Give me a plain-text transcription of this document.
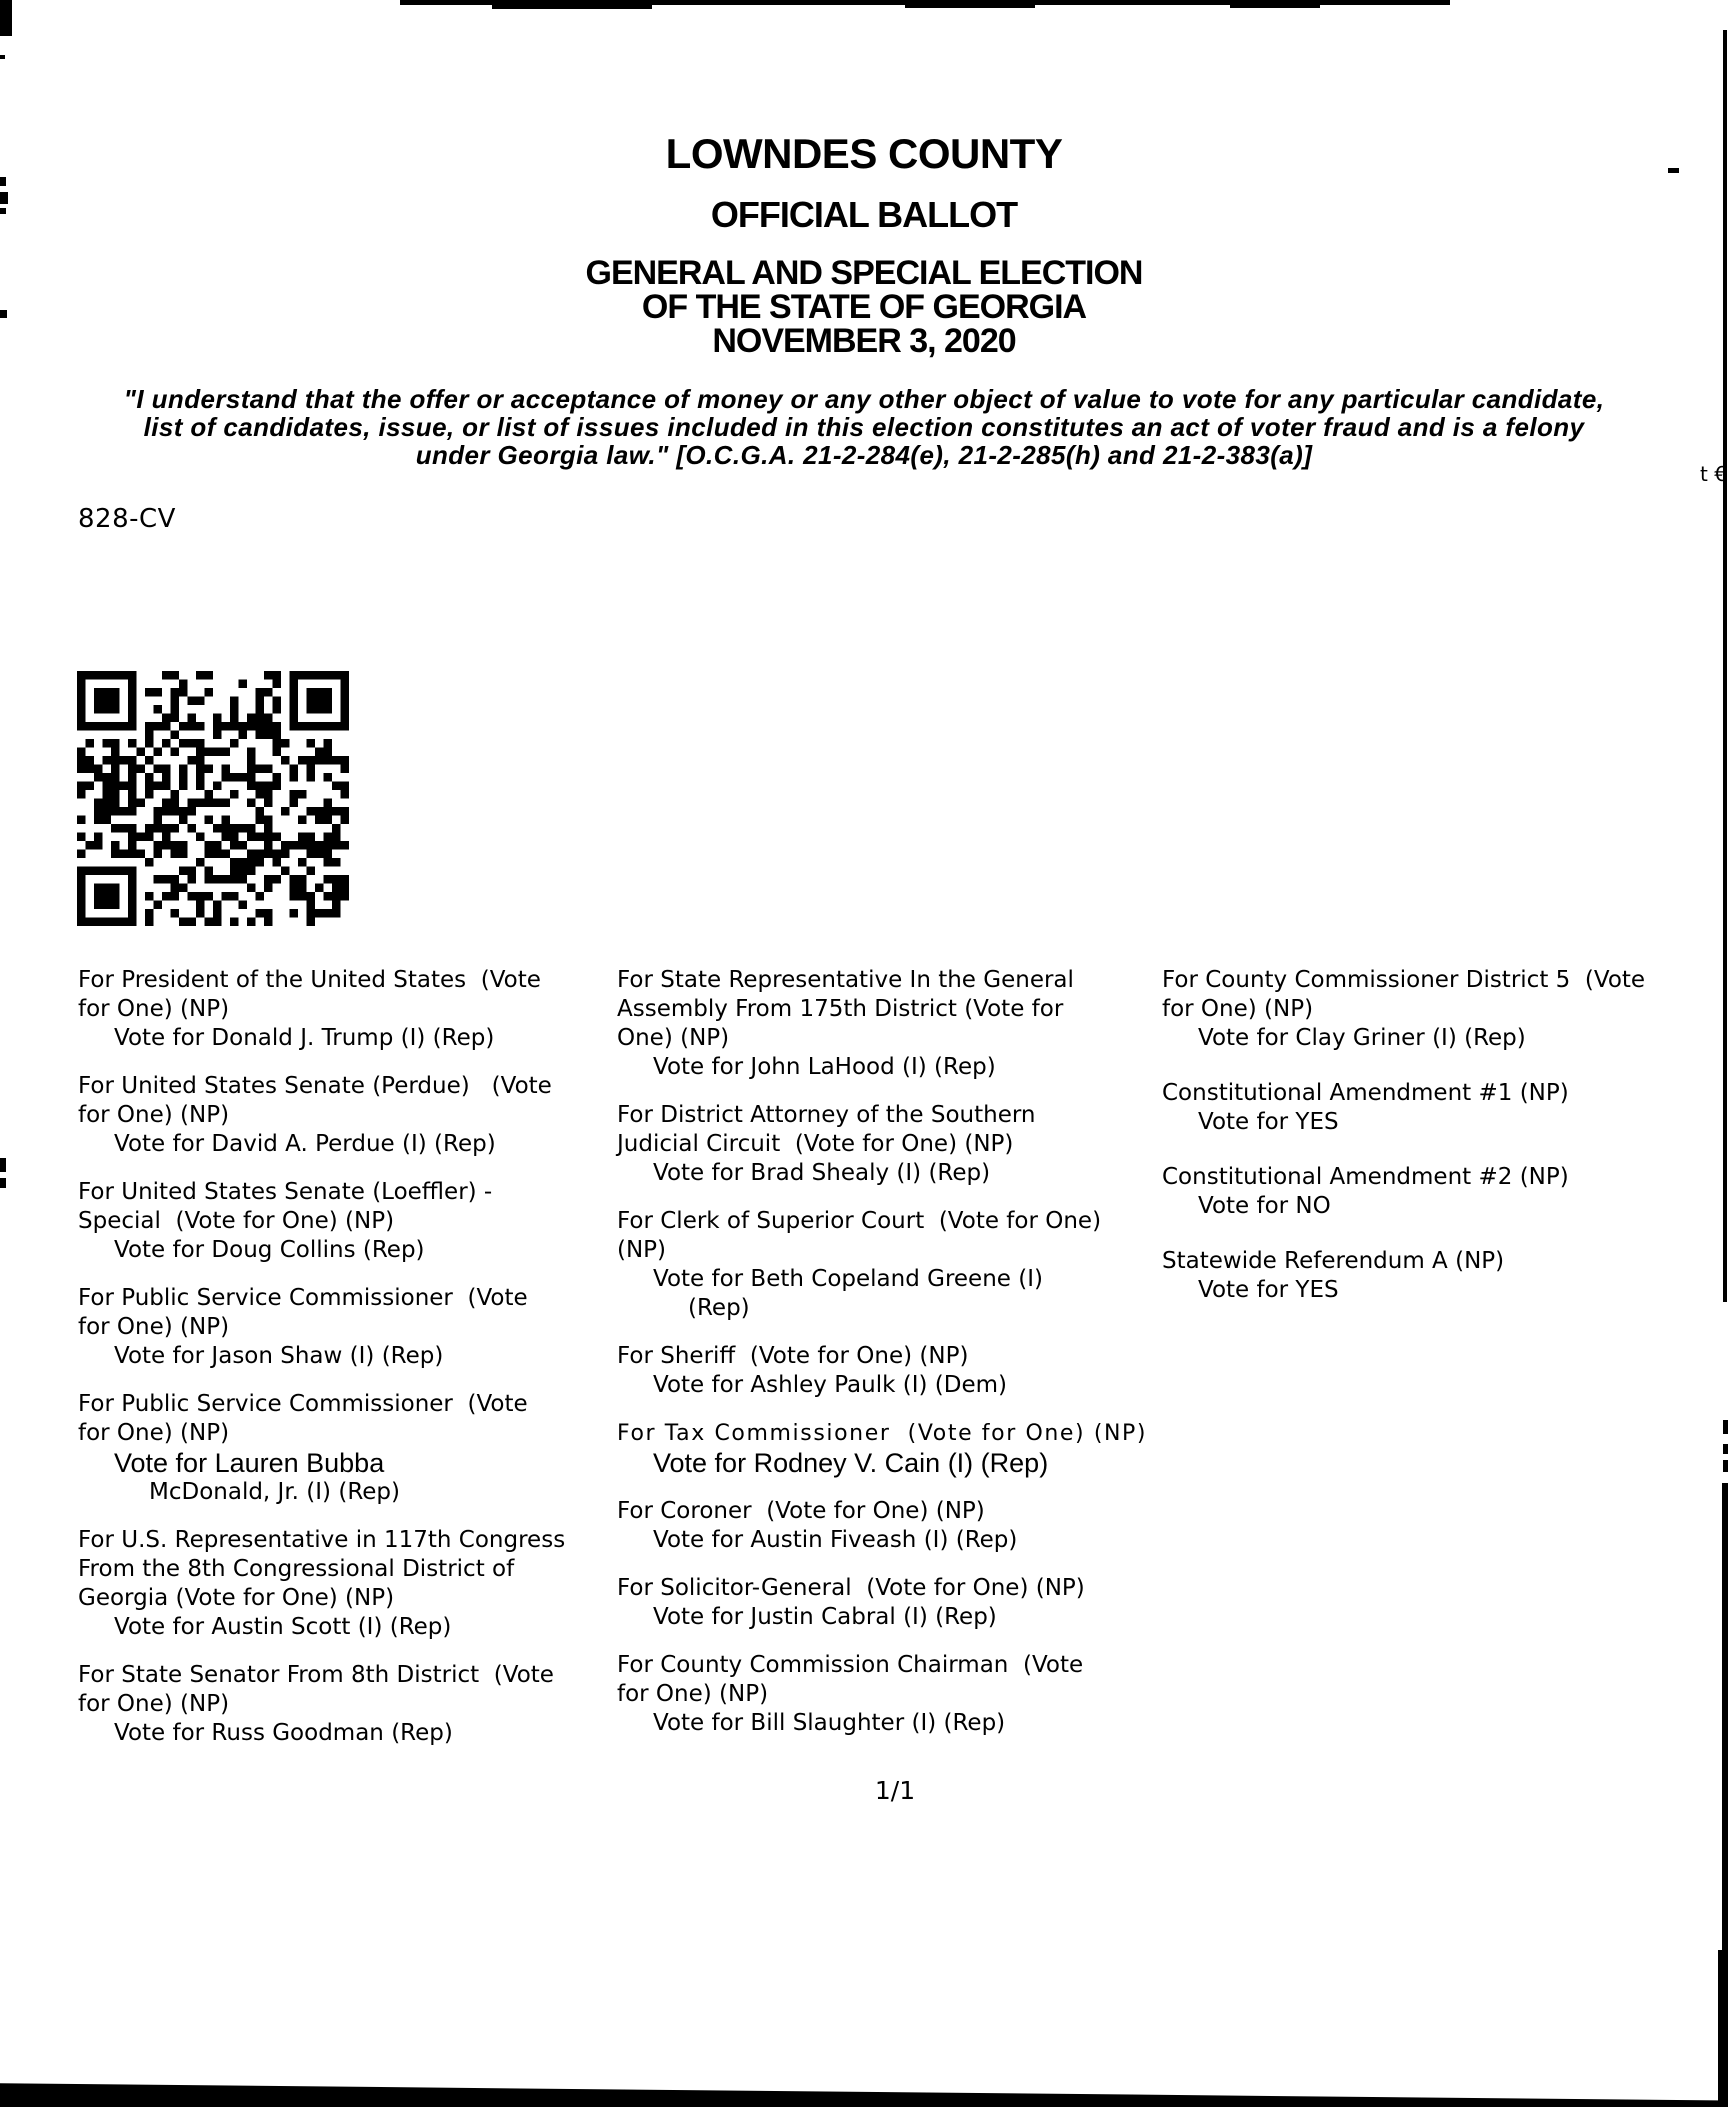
t €
LOWNDES COUNTY
OFFICIAL BALLOT
GENERAL AND SPECIAL ELECTION
OF THE STATE OF GEORGIA
NOVEMBER 3, 2020
"I understand that the offer or acceptance of money or any other object of value to vote for any particular candidate,
list of candidates, issue, or list of issues included in this election constitutes an act of voter fraud and is a felony
under Georgia law." [O.C.G.A. 21-2-284(e), 21-2-285(h) and 21-2-383(a)]
828-CV
For President of the United States  (Vote
for One) (NP)
Vote for Donald J. Trump (I) (Rep)
For United States Senate (Perdue)   (Vote
for One) (NP)
Vote for David A. Perdue (I) (Rep)
For United States Senate (Loeffler) -
Special  (Vote for One) (NP)
Vote for Doug Collins (Rep)
For Public Service Commissioner  (Vote
for One) (NP)
Vote for Jason Shaw (I) (Rep)
For Public Service Commissioner  (Vote
for One) (NP)
Vote for Lauren Bubba
McDonald, Jr. (I) (Rep)
For U.S. Representative in 117th Congress
From the 8th Congressional District of
Georgia (Vote for One) (NP)
Vote for Austin Scott (I) (Rep)
For State Senator From 8th District  (Vote
for One) (NP)
Vote for Russ Goodman (Rep)
For State Representative In the General
Assembly From 175th District (Vote for
One) (NP)
Vote for John LaHood (I) (Rep)
For District Attorney of the Southern
Judicial Circuit  (Vote for One) (NP)
Vote for Brad Shealy (I) (Rep)
For Clerk of Superior Court  (Vote for One)
(NP)
Vote for Beth Copeland Greene (I)
(Rep)
For Sheriff  (Vote for One) (NP)
Vote for Ashley Paulk (I) (Dem)
For Tax Commissioner  (Vote for One) (NP)
Vote for Rodney V. Cain (I) (Rep)
For Coroner  (Vote for One) (NP)
Vote for Austin Fiveash (I) (Rep)
For Solicitor-General  (Vote for One) (NP)
Vote for Justin Cabral (I) (Rep)
For County Commission Chairman  (Vote
for One) (NP)
Vote for Bill Slaughter (I) (Rep)
For County Commissioner District 5  (Vote
for One) (NP)
Vote for Clay Griner (I) (Rep)
Constitutional Amendment #1 (NP)
Vote for YES
Constitutional Amendment #2 (NP)
Vote for NO
Statewide Referendum A (NP)
Vote for YES
1/1
